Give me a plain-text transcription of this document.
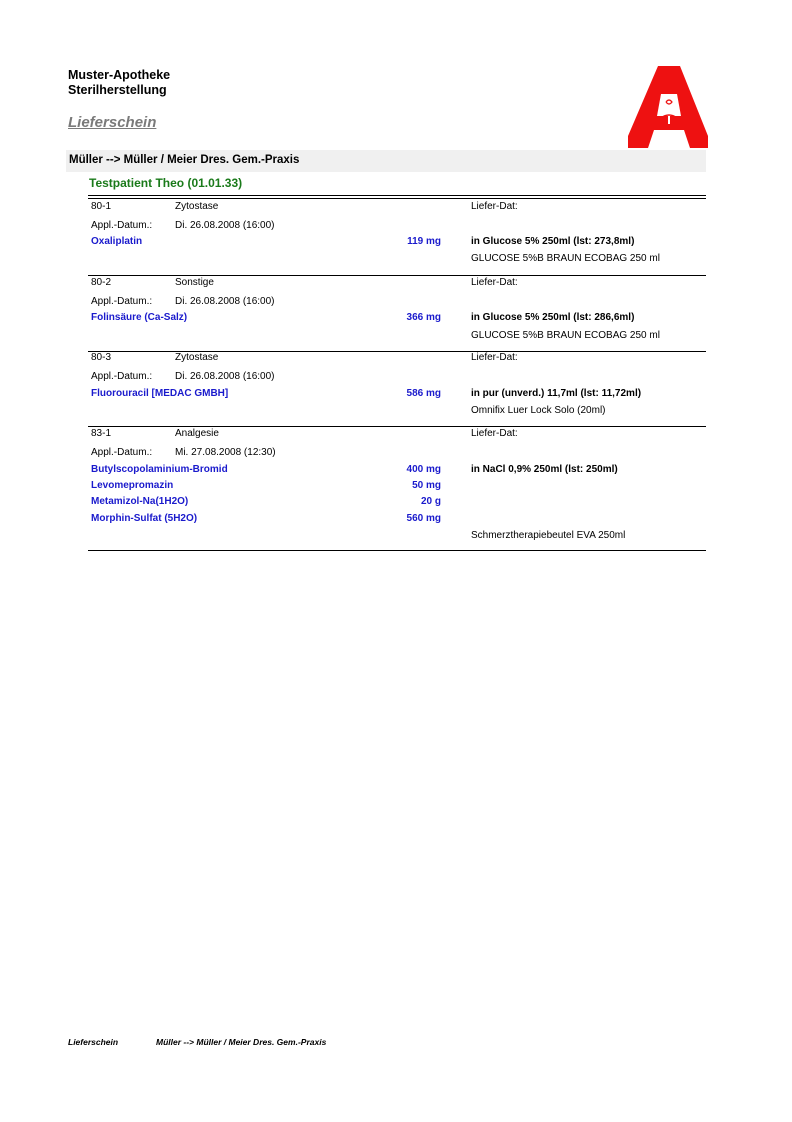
Muster-Apotheke
Sterilherstellung
Lieferschein
Müller --> Müller / Meier Dres. Gem.-Praxis
Testpatient Theo (01.01.33)
80-1	Zytostase	Liefer-Dat:
Appl.-Datum.: Di. 26.08.2008 (16:00)
Oxaliplatin	119 mg	in Glucose 5% 250ml (lst: 273,8ml)
GLUCOSE 5%B BRAUN ECOBAG 250 ml
80-2	Sonstige	Liefer-Dat:
Appl.-Datum.: Di. 26.08.2008 (16:00)
Folinsäure (Ca-Salz)	366 mg	in Glucose 5% 250ml (lst: 286,6ml)
GLUCOSE 5%B BRAUN ECOBAG 250 ml
80-3	Zytostase	Liefer-Dat:
Appl.-Datum.: Di. 26.08.2008 (16:00)
Fluorouracil [MEDAC GMBH]	586 mg	in pur (unverd.) 11,7ml (lst: 11,72ml)
Omnifix Luer Lock Solo (20ml)
83-1	Analgesie	Liefer-Dat:
Appl.-Datum.: Mi. 27.08.2008 (12:30)
Butylscopolaminium-Bromid	400 mg	in NaCl 0,9% 250ml (lst: 250ml)
Levomepromazin	50 mg
Metamizol-Na(1H2O)	20 g
Morphin-Sulfat (5H2O)	560 mg
Schmerztherapiebeutel EVA 250ml
Lieferschein	Müller --> Müller / Meier Dres. Gem.-Praxis
